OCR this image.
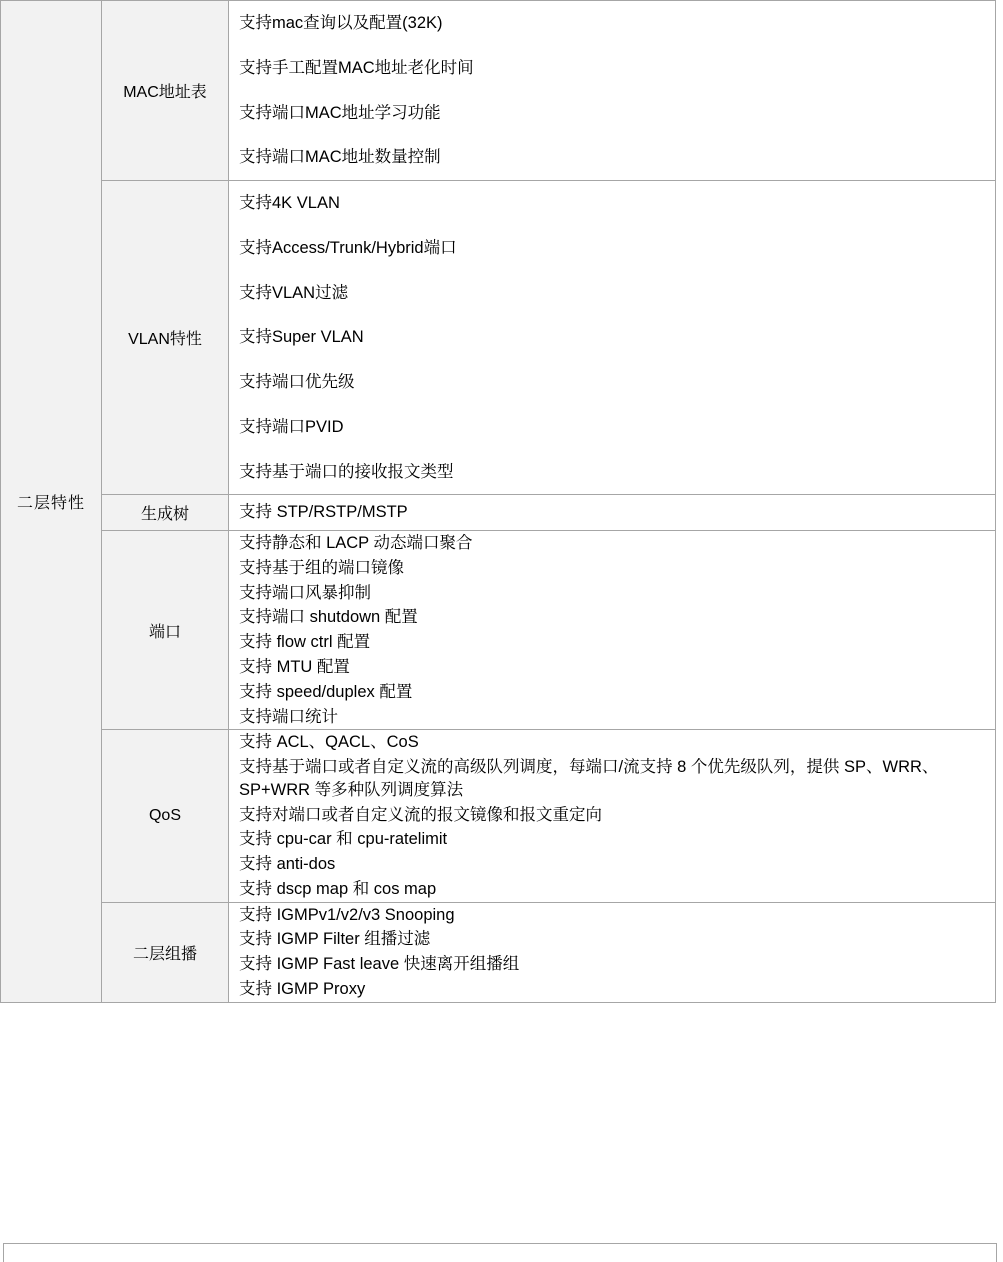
二层特性	MAC地址表	
支持mac查询以及配置(32K)
支持手工配置MAC地址老化时间
支持端口MAC地址学习功能
支持端口MAC地址数量控制

VLAN特性	
支持4K VLAN
支持Access/Trunk/Hybrid端口
支持VLAN过滤
支持Super VLAN
支持端口优先级
支持端口PVID
支持基于端口的接收报文类型

生成树	支持 STP/RSTP/MSTP

端口	
支持静态和 LACP 动态端口聚合
支持基于组的端口镜像
支持端口风暴抑制
支持端口 shutdown 配置
支持 flow ctrl 配置
支持 MTU 配置
支持 speed/duplex 配置
支持端口统计

QoS	
支持 ACL、QACL、CoS
支持基于端口或者自定义流的高级队列调度，每端口/流支持 8 个优先级队列，提供 SP、WRR、SP+WRR 等多种队列调度算法
支持对端口或者自定义流的报文镜像和报文重定向
支持 cpu-car 和 cpu-ratelimit
支持 anti-dos
支持 dscp map 和 cos map

二层组播	
支持 IGMPv1/v2/v3 Snooping
支持 IGMP Filter 组播过滤
支持 IGMP Fast leave 快速离开组播组
支持 IGMP Proxy
